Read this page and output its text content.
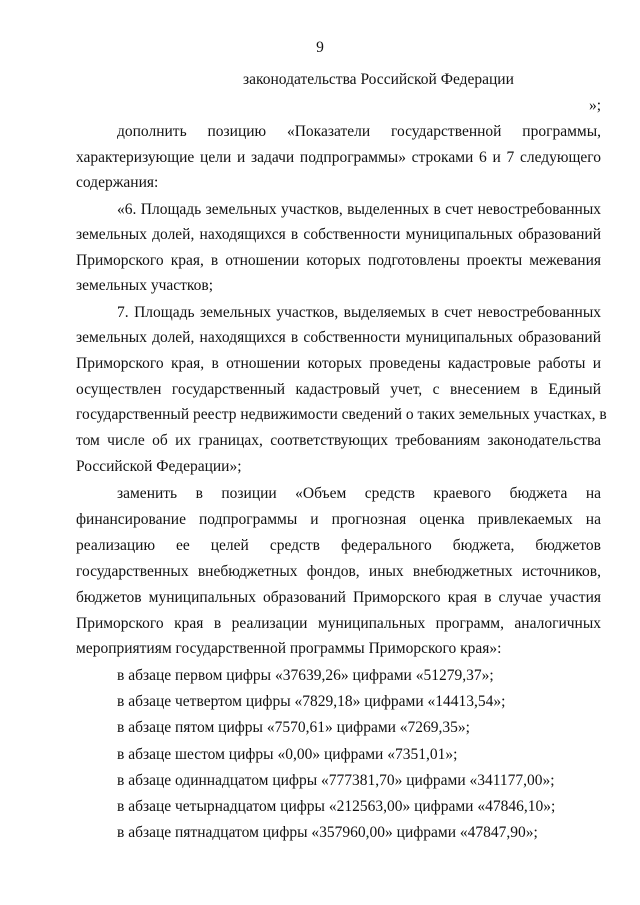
9
законодательства Российской Федерации
»;
дополнить позицию «Показатели государственной программы,
характеризующие цели и задачи подпрограммы» строками 6 и 7 следующего
содержания:
«6. Площадь земельных участков, выделенных в счет невостребованных
земельных долей, находящихся в собственности муниципальных образований
Приморского края, в отношении которых подготовлены проекты межевания
земельных участков;
7. Площадь земельных участков, выделяемых в счет невостребованных
земельных долей, находящихся в собственности муниципальных образований
Приморского края, в отношении которых проведены кадастровые работы и
осуществлен государственный кадастровый учет, с внесением в Единый
государственный реестр недвижимости сведений о таких земельных участках, в
том числе об их границах, соответствующих требованиям законодательства
Российской Федерации»;
заменить в позиции «Объем средств краевого бюджета на
финансирование подпрограммы и прогнозная оценка привлекаемых на
реализацию ее целей средств федерального бюджета, бюджетов
государственных внебюджетных фондов, иных внебюджетных источников,
бюджетов муниципальных образований Приморского края в случае участия
Приморского края в реализации муниципальных программ, аналогичных
мероприятиям государственной программы Приморского края»:
в абзаце первом цифры «37639,26» цифрами «51279,37»;
в абзаце четвертом цифры «7829,18» цифрами «14413,54»;
в абзаце пятом цифры «7570,61» цифрами «7269,35»;
в абзаце шестом цифры «0,00» цифрами «7351,01»;
в абзаце одиннадцатом цифры «777381,70» цифрами «341177,00»;
в абзаце четырнадцатом цифры «212563,00» цифрами «47846,10»;
в абзаце пятнадцатом цифры «357960,00» цифрами «47847,90»;
